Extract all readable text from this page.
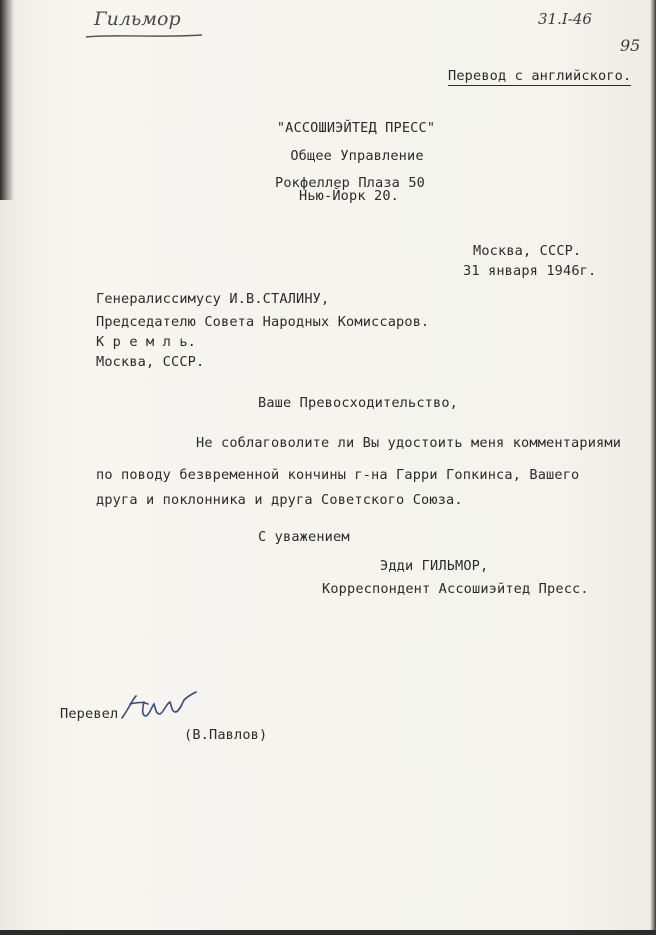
Гильмор	31.I-46
95
Перевод с английского.
"АССОШИЭЙТЕД ПРЕСС"
Общее Управление
Рокфеллер Плаза 50
Нью-Йорк 20.
Москва, СССР.
31 января 1946г.
Генералиссимусу И.В.СТАЛИНУ,
Председателю Совета Народных Комиссаров.
К р е м л ь.
Москва, СССР.
Ваше Превосходительство,
Не соблаговолите ли Вы удостоить меня комментариями
по поводу безвременной кончины г-на Гарри Гопкинса, Вашего
друга и поклонника и друга Советского Союза.
С уважением
Эдди ГИЛЬМОР,
Корреспондент Ассошиэйтед Пресс.
Перевел
(В.Павлов)
